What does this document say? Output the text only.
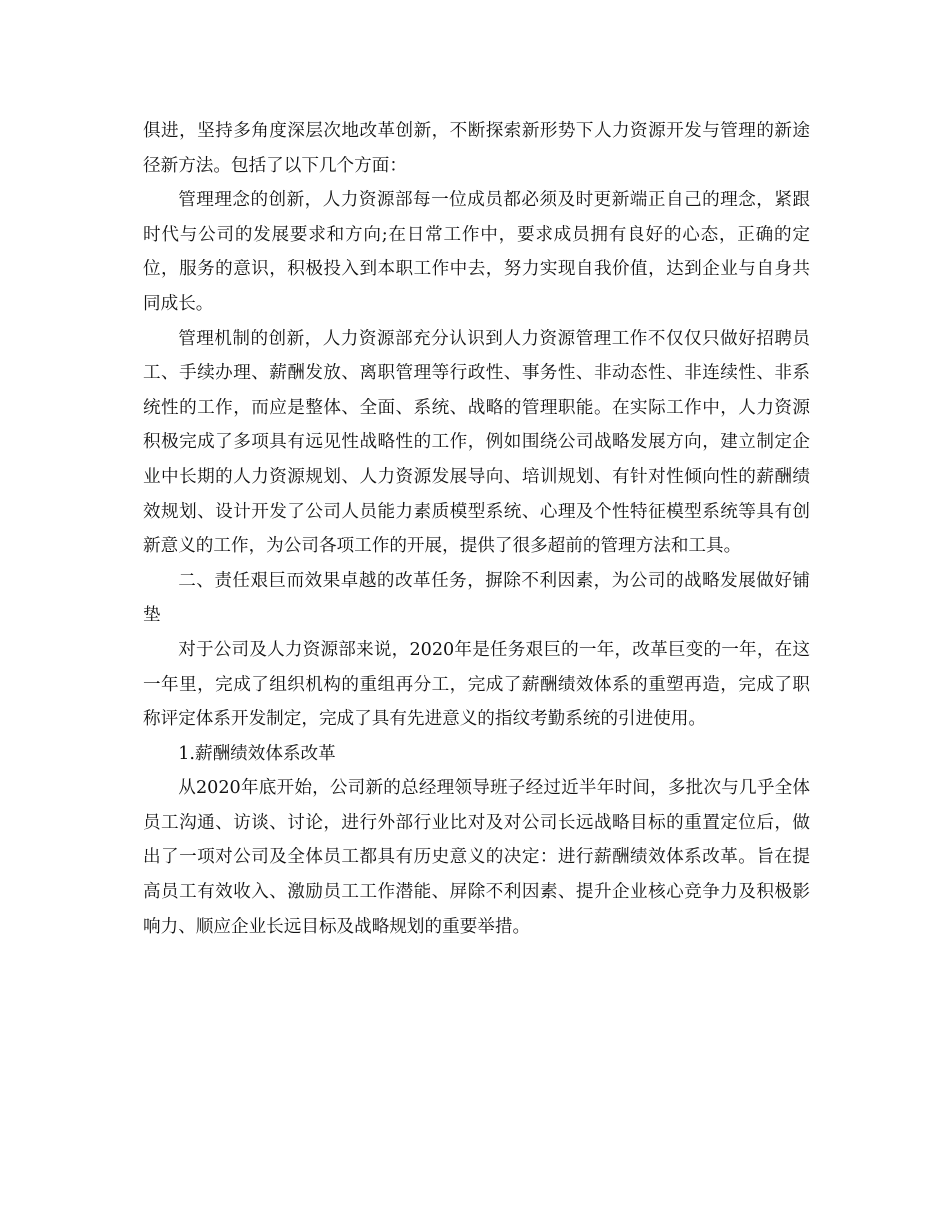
俱进，坚持多角度深层次地改革创新，不断探索新形势下人力资源开发与管理的新途径新方法。包括了以下几个方面：

管理理念的创新，人力资源部每一位成员都必须及时更新端正自己的理念，紧跟时代与公司的发展要求和方向;在日常工作中，要求成员拥有良好的心态，正确的定位，服务的意识，积极投入到本职工作中去，努力实现自我价值，达到企业与自身共同成长。

管理机制的创新，人力资源部充分认识到人力资源管理工作不仅仅只做好招聘员工、手续办理、薪酬发放、离职管理等行政性、事务性、非动态性、非连续性、非系统性的工作，而应是整体、全面、系统、战略的管理职能。在实际工作中，人力资源积极完成了多项具有远见性战略性的工作，例如围绕公司战略发展方向，建立制定企业中长期的人力资源规划、人力资源发展导向、培训规划、有针对性倾向性的薪酬绩效规划、设计开发了公司人员能力素质模型系统、心理及个性特征模型系统等具有创新意义的工作，为公司各项工作的开展，提供了很多超前的管理方法和工具。

二、责任艰巨而效果卓越的改革任务，摒除不利因素，为公司的战略发展做好铺垫

对于公司及人力资源部来说，2020年是任务艰巨的一年，改革巨变的一年，在这一年里，完成了组织机构的重组再分工，完成了薪酬绩效体系的重塑再造，完成了职称评定体系开发制定，完成了具有先进意义的指纹考勤系统的引进使用。

1.薪酬绩效体系改革

从2020年底开始，公司新的总经理领导班子经过近半年时间，多批次与几乎全体员工沟通、访谈、讨论，进行外部行业比对及对公司长远战略目标的重置定位后，做出了一项对公司及全体员工都具有历史意义的决定：进行薪酬绩效体系改革。旨在提高员工有效收入、激励员工工作潜能、屏除不利因素、提升企业核心竞争力及积极影响力、顺应企业长远目标及战略规划的重要举措。
